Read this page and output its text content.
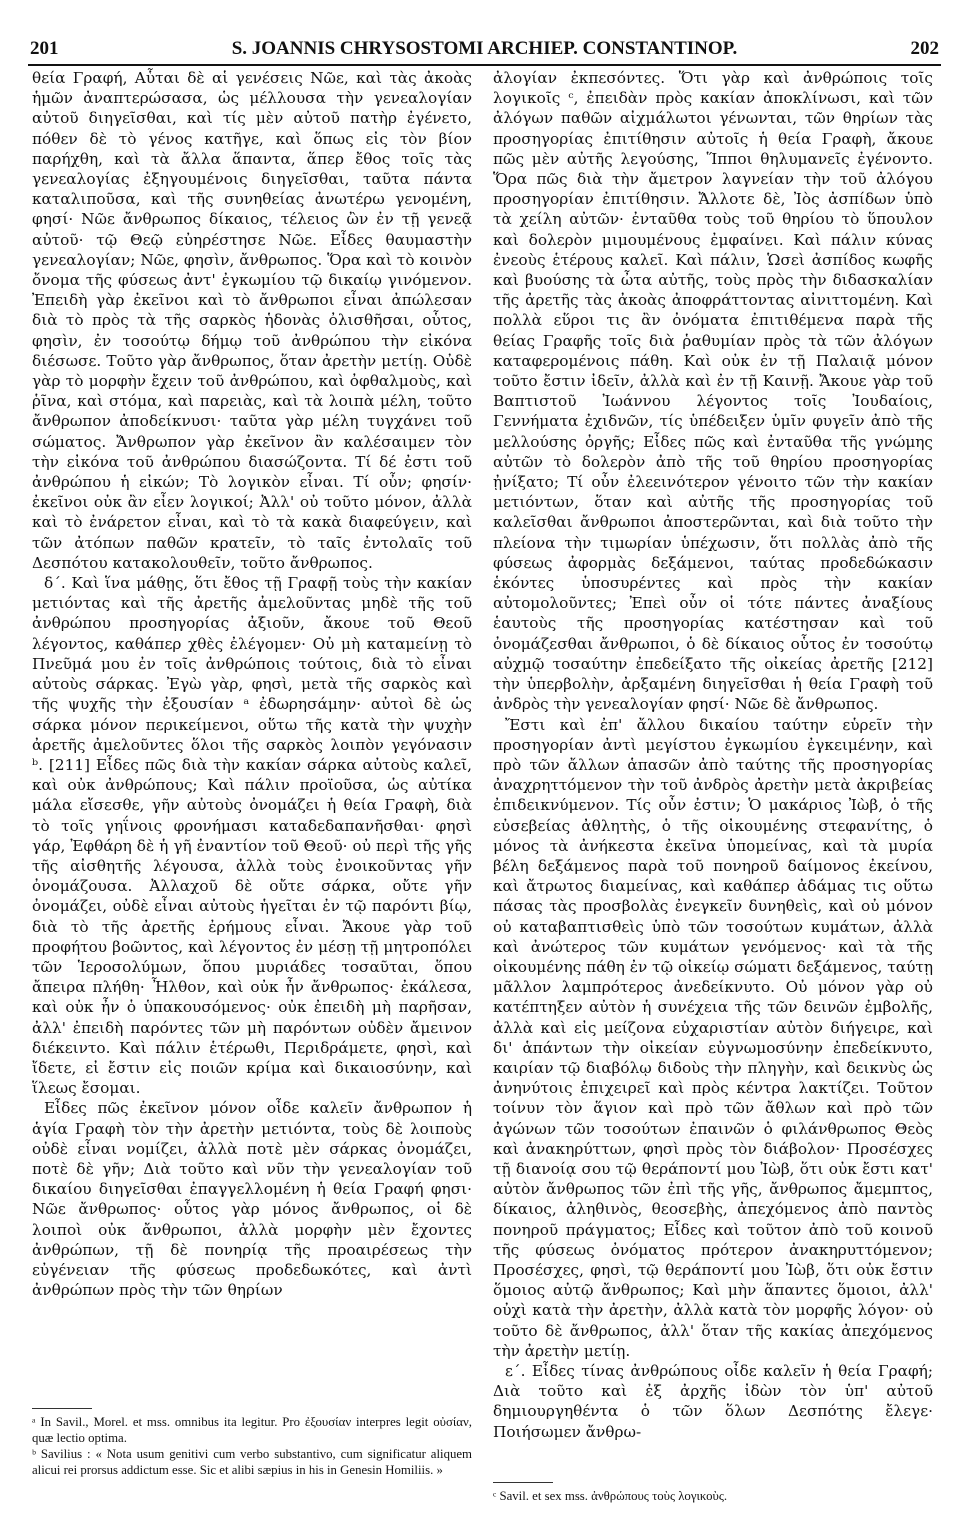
201	S. JOANNIS CHRYSOSTOMI ARCHIEP. CONSTANTINOP.	202

θεία Γραφή, Αὗται δὲ αἱ γενέσεις Νῶε, καὶ τὰς ἀκοὰς ἡμῶν ἀναπτερώσασα, ὡς μέλλουσα τὴν γενεαλογίαν αὐτοῦ διηγεῖσθαι, καὶ τίς μὲν αὐτοῦ πατὴρ ἐγένετο, πόθεν δὲ τὸ γένος κατῆγε, καὶ ὅπως εἰς τὸν βίον παρήχθη, καὶ τὰ ἄλλα ἅπαντα, ἅπερ ἔθος τοῖς τὰς γενεαλογίας ἐξηγουμένοις διηγεῖσθαι, ταῦτα πάντα καταλιποῦσα, καὶ τῆς συνηθείας ἀνωτέρω γενομένη, φησί· Νῶε ἄνθρωπος δίκαιος, τέλειος ὢν ἐν τῇ γενεᾷ αὐτοῦ· τῷ Θεῷ εὐηρέστησε Νῶε. Εἶδες θαυμαστὴν γενεαλογίαν; Νῶε, φησὶν, ἄνθρωπος. Ὅρα καὶ τὸ κοινὸν ὄνομα τῆς φύσεως ἀντ' ἐγκωμίου τῷ δικαίῳ γινόμενον. Ἐπειδὴ γὰρ ἐκεῖνοι καὶ τὸ ἄνθρωποι εἶναι ἀπώλεσαν διὰ τὸ πρὸς τὰ τῆς σαρκὸς ἡδονὰς ὀλισθῆσαι, οὗτος, φησὶν, ἐν τοσούτῳ δήμῳ τοῦ ἀνθρώπου τὴν εἰκόνα διέσωσε. Τοῦτο γὰρ ἄνθρωπος, ὅταν ἀρετὴν μετίῃ. Οὐδὲ γὰρ τὸ μορφὴν ἔχειν τοῦ ἀνθρώπου, καὶ ὀφθαλμοὺς, καὶ ῥῖνα, καὶ στόμα, καὶ παρειὰς, καὶ τὰ λοιπὰ μέλη, τοῦτο ἄνθρωπον ἀποδείκνυσι· ταῦτα γὰρ μέλη τυγχάνει τοῦ σώματος. Ἄνθρωπον γὰρ ἐκεῖνον ἂν καλέσαιμεν τὸν τὴν εἰκόνα τοῦ ἀνθρώπου διασώζοντα. Τί δέ ἐστι τοῦ ἀνθρώπου ἡ εἰκών; Τὸ λογικὸν εἶναι. Τί οὖν; φησίν· ἐκεῖνοι οὐκ ἂν εἶεν λογικοί; Ἀλλ' οὐ τοῦτο μόνον, ἀλλὰ καὶ τὸ ἐνάρετον εἶναι, καὶ τὸ τὰ κακὰ διαφεύγειν, καὶ τῶν ἀτόπων παθῶν κρατεῖν, τὸ ταῖς ἐντολαῖς τοῦ Δεσπότου κατακολουθεῖν, τοῦτο ἄνθρωπος.

δ´. Καὶ ἵνα μάθῃς, ὅτι ἔθος τῇ Γραφῇ τοὺς τὴν κακίαν μετιόντας καὶ τῆς ἀρετῆς ἀμελοῦντας μηδὲ τῆς τοῦ ἀνθρώπου προσηγορίας ἀξιοῦν, ἄκουε τοῦ Θεοῦ λέγοντος, καθάπερ χθὲς ἐλέγομεν· Οὐ μὴ καταμείνῃ τὸ Πνεῦμά μου ἐν τοῖς ἀνθρώποις τούτοις, διὰ τὸ εἶναι αὐτοὺς σάρκας. Ἐγὼ γὰρ, φησὶ, μετὰ τῆς σαρκὸς καὶ τῆς ψυχῆς τὴν ἐξουσίαν ᵃ ἐδωρησάμην· αὐτοὶ δὲ ὡς σάρκα μόνον περικείμενοι, οὕτω τῆς κατὰ τὴν ψυχὴν ἀρετῆς ἀμελοῦντες ὅλοι τῆς σαρκὸς λοιπὸν γεγόνασιν ᵇ. [211] Εἶδες πῶς διὰ τὴν κακίαν σάρκα αὐτοὺς καλεῖ, καὶ οὐκ ἀνθρώπους; Καὶ πάλιν προϊοῦσα, ὡς αὐτίκα μάλα εἴσεσθε, γῆν αὐτοὺς ὀνομάζει ἡ θεία Γραφὴ, διὰ τὸ τοῖς γηΐνοις φρονήμασι καταδεδαπανῆσθαι· φησὶ γάρ, Ἐφθάρη δὲ ἡ γῆ ἐναντίον τοῦ Θεοῦ· οὐ περὶ τῆς γῆς τῆς αἰσθητῆς λέγουσα, ἀλλὰ τοὺς ἐνοικοῦντας γῆν ὀνομάζουσα. Ἀλλαχοῦ δὲ οὔτε σάρκα, οὔτε γῆν ὀνομάζει, οὐδὲ εἶναι αὐτοὺς ἡγεῖται ἐν τῷ παρόντι βίῳ, διὰ τὸ τῆς ἀρετῆς ἐρήμους εἶναι. Ἄκουε γὰρ τοῦ προφήτου βοῶντος, καὶ λέγοντος ἐν μέσῃ τῇ μητροπόλει τῶν Ἱεροσολύμων, ὅπου μυριάδες τοσαῦται, ὅπου ἄπειρα πλήθη· Ἦλθον, καὶ οὐκ ἦν ἄνθρωπος· ἐκάλεσα, καὶ οὐκ ἦν ὁ ὑπακουσόμενος· οὐκ ἐπειδὴ μὴ παρῆσαν, ἀλλ' ἐπειδὴ παρόντες τῶν μὴ παρόντων οὐδὲν ἄμεινον διέκειντο. Καὶ πάλιν ἑτέρωθι, Περιδράμετε, φησὶ, καὶ ἴδετε, εἰ ἔστιν εἰς ποιῶν κρίμα καὶ δικαιοσύνην, καὶ ἵλεως ἔσομαι.

Εἶδες πῶς ἐκεῖνον μόνον οἶδε καλεῖν ἄνθρωπον ἡ ἁγία Γραφὴ τὸν τὴν ἀρετὴν μετιόντα, τοὺς δὲ λοιποὺς οὐδὲ εἶναι νομίζει, ἀλλὰ ποτὲ μὲν σάρκας ὀνομάζει, ποτὲ δὲ γῆν; Διὰ τοῦτο καὶ νῦν τὴν γενεαλογίαν τοῦ δικαίου διηγεῖσθαι ἐπαγγελλομένη ἡ θεία Γραφή φησι· Νῶε ἄνθρωπος· οὗτος γὰρ μόνος ἄνθρωπος, οἱ δὲ λοιποὶ οὐκ ἄνθρωποι, ἀλλὰ μορφὴν μὲν ἔχοντες ἀνθρώπων, τῇ δὲ πονηρίᾳ τῆς προαιρέσεως τὴν εὐγένειαν τῆς φύσεως προδεδωκότες, καὶ ἀντὶ ἀνθρώπων πρὸς τὴν τῶν θηρίων

ἀλογίαν ἐκπεσόντες. Ὅτι γὰρ καὶ ἀνθρώποις τοῖς λογικοῖς ᶜ, ἐπειδὰν πρὸς κακίαν ἀποκλίνωσι, καὶ τῶν ἀλόγων παθῶν αἰχμάλωτοι γένωνται, τῶν θηρίων τὰς προσηγορίας ἐπιτίθησιν αὐτοῖς ἡ θεία Γραφὴ, ἄκουε πῶς μὲν αὐτῆς λεγούσης, Ἵπποι θηλυμανεῖς ἐγένοντο. Ὅρα πῶς διὰ τὴν ἄμετρον λαγνείαν τὴν τοῦ ἀλόγου προσηγορίαν ἐπιτίθησιν. Ἄλλοτε δὲ, Ἰὸς ἀσπίδων ὑπὸ τὰ χείλη αὐτῶν· ἐνταῦθα τοὺς τοῦ θηρίου τὸ ὕπουλον καὶ δολερὸν μιμουμένους ἐμφαίνει. Καὶ πάλιν κύνας ἐνεοὺς ἑτέρους καλεῖ. Καὶ πάλιν, Ὡσεὶ ἀσπίδος κωφῆς καὶ βυούσης τὰ ὦτα αὐτῆς, τοὺς πρὸς τὴν διδασκαλίαν τῆς ἀρετῆς τὰς ἀκοὰς ἀποφράττοντας αἰνιττομένη. Καὶ πολλὰ εὕροι τις ἂν ὀνόματα ἐπιτιθέμενα παρὰ τῆς θείας Γραφῆς τοῖς διὰ ῥαθυμίαν πρὸς τὰ τῶν ἀλόγων καταφερομένοις πάθη. Καὶ οὐκ ἐν τῇ Παλαιᾷ μόνον τοῦτο ἔστιν ἰδεῖν, ἀλλὰ καὶ ἐν τῇ Καινῇ. Ἄκουε γὰρ τοῦ Βαπτιστοῦ Ἰωάννου λέγοντος τοῖς Ἰουδαίοις, Γεννήματα ἐχιδνῶν, τίς ὑπέδειξεν ὑμῖν φυγεῖν ἀπὸ τῆς μελλούσης ὀργῆς; Εἶδες πῶς καὶ ἐνταῦθα τῆς γνώμης αὐτῶν τὸ δολερὸν ἀπὸ τῆς τοῦ θηρίου προσηγορίας ᾐνίξατο; Τί οὖν ἐλεεινότερον γένοιτο τῶν τὴν κακίαν μετιόντων, ὅταν καὶ αὐτῆς τῆς προσηγορίας τοῦ καλεῖσθαι ἄνθρωποι ἀποστερῶνται, καὶ διὰ τοῦτο τὴν πλείονα τὴν τιμωρίαν ὑπέχωσιν, ὅτι πολλὰς ἀπὸ τῆς φύσεως ἀφορμὰς δεξάμενοι, ταύτας προδεδώκασιν ἑκόντες ὑποσυρέντες καὶ πρὸς τὴν κακίαν αὐτομολοῦντες; Ἐπεὶ οὖν οἱ τότε πάντες ἀναξίους ἑαυτοὺς τῆς προσηγορίας κατέστησαν καὶ τοῦ ὀνομάζεσθαι ἄνθρωποι, ὁ δὲ δίκαιος οὗτος ἐν τοσούτῳ αὐχμῷ τοσαύτην ἐπεδείξατο τῆς οἰκείας ἀρετῆς [212] τὴν ὑπερβολὴν, ἀρξαμένη διηγεῖσθαι ἡ θεία Γραφὴ τοῦ ἀνδρὸς τὴν γενεαλογίαν φησί· Νῶε δὲ ἄνθρωπος.

Ἔστι καὶ ἐπ' ἄλλου δικαίου ταύτην εὑρεῖν τὴν προσηγορίαν ἀντὶ μεγίστου ἐγκωμίου ἐγκειμένην, καὶ πρὸ τῶν ἄλλων ἁπασῶν ἀπὸ ταύτης τῆς προσηγορίας ἀναχρηττόμενον τὴν τοῦ ἀνδρὸς ἀρετὴν μετὰ ἀκριβείας ἐπιδεικνύμενον. Τίς οὖν ἐστιν; Ὁ μακάριος Ἰὼβ, ὁ τῆς εὐσεβείας ἀθλητὴς, ὁ τῆς οἰκουμένης στεφανίτης, ὁ μόνος τὰ ἀνήκεστα ἐκεῖνα ὑπομείνας, καὶ τὰ μυρία βέλη δεξάμενος παρὰ τοῦ πονηροῦ δαίμονος ἐκείνου, καὶ ἄτρωτος διαμείνας, καὶ καθάπερ ἀδάμας τις οὕτω πάσας τὰς προσβολὰς ἐνεγκεῖν δυνηθεὶς, καὶ οὐ μόνον οὐ καταβαπτισθεὶς ὑπὸ τῶν τοσούτων κυμάτων, ἀλλὰ καὶ ἀνώτερος τῶν κυμάτων γενόμενος· καὶ τὰ τῆς οἰκουμένης πάθη ἐν τῷ οἰκείῳ σώματι δεξάμενος, ταύτῃ μᾶλλον λαμπρότερος ἀνεδείκνυτο. Οὐ μόνον γὰρ οὐ κατέπτηξεν αὐτὸν ἡ συνέχεια τῆς τῶν δεινῶν ἐμβολῆς, ἀλλὰ καὶ εἰς μείζονα εὐχαριστίαν αὐτὸν διήγειρε, καὶ δι' ἁπάντων τὴν οἰκείαν εὐγνωμοσύνην ἐπεδείκνυτο, καιρίαν τῷ διαβόλῳ διδοὺς τὴν πληγὴν, καὶ δεικνὺς ὡς ἀνηνύτοις ἐπιχειρεῖ καὶ πρὸς κέντρα λακτίζει. Τοῦτον τοίνυν τὸν ἅγιον καὶ πρὸ τῶν ἄθλων καὶ πρὸ τῶν ἀγώνων τῶν τοσούτων ἐπαινῶν ὁ φιλάνθρωπος Θεὸς καὶ ἀνακηρύττων, φησὶ πρὸς τὸν διάβολον· Προσέσχες τῇ διανοίᾳ σου τῷ θεράποντί μου Ἰὼβ, ὅτι οὐκ ἔστι κατ' αὐτὸν ἄνθρωπος τῶν ἐπὶ τῆς γῆς, ἄνθρωπος ἄμεμπτος, δίκαιος, ἀληθινὸς, θεοσεβὴς, ἀπεχόμενος ἀπὸ παντὸς πονηροῦ πράγματος; Εἶδες καὶ τοῦτον ἀπὸ τοῦ κοινοῦ τῆς φύσεως ὀνόματος πρότερον ἀνακηρυττόμενον; Προσέσχες, φησὶ, τῷ θεράποντί μου Ἰὼβ, ὅτι οὐκ ἔστιν ὅμοιος αὐτῷ ἄνθρωπος; Καὶ μὴν ἅπαντες ὅμοιοι, ἀλλ' οὐχὶ κατὰ τὴν ἀρετὴν, ἀλλὰ κατὰ τὸν μορφῆς λόγον· οὐ τοῦτο δὲ ἄνθρωπος, ἀλλ' ὅταν τῆς κακίας ἀπεχόμενος τὴν ἀρετὴν μετίῃ.

ε´. Εἶδες τίνας ἀνθρώπους οἶδε καλεῖν ἡ θεία Γραφή; Διὰ τοῦτο καὶ ἐξ ἀρχῆς ἰδὼν τὸν ὑπ' αὐτοῦ δημιουργηθέντα ὁ τῶν ὅλων Δεσπότης ἔλεγε· Ποιήσωμεν ἄνθρω-

ᵃ In Savil., Morel. et mss. omnibus ita legitur. Pro ἐξουσίαν interpres legit οὐσίαν, quæ lectio optima.

ᵇ Savilius : « Nota usum genitivi cum verbo substantivo, cum significatur aliquem alicui rei prorsus addictum esse. Sic et alibi sæpius in his in Genesin Homiliis. »

ᶜ Savil. et sex mss. ἀνθρώπους τοὺς λογικοὺς.
